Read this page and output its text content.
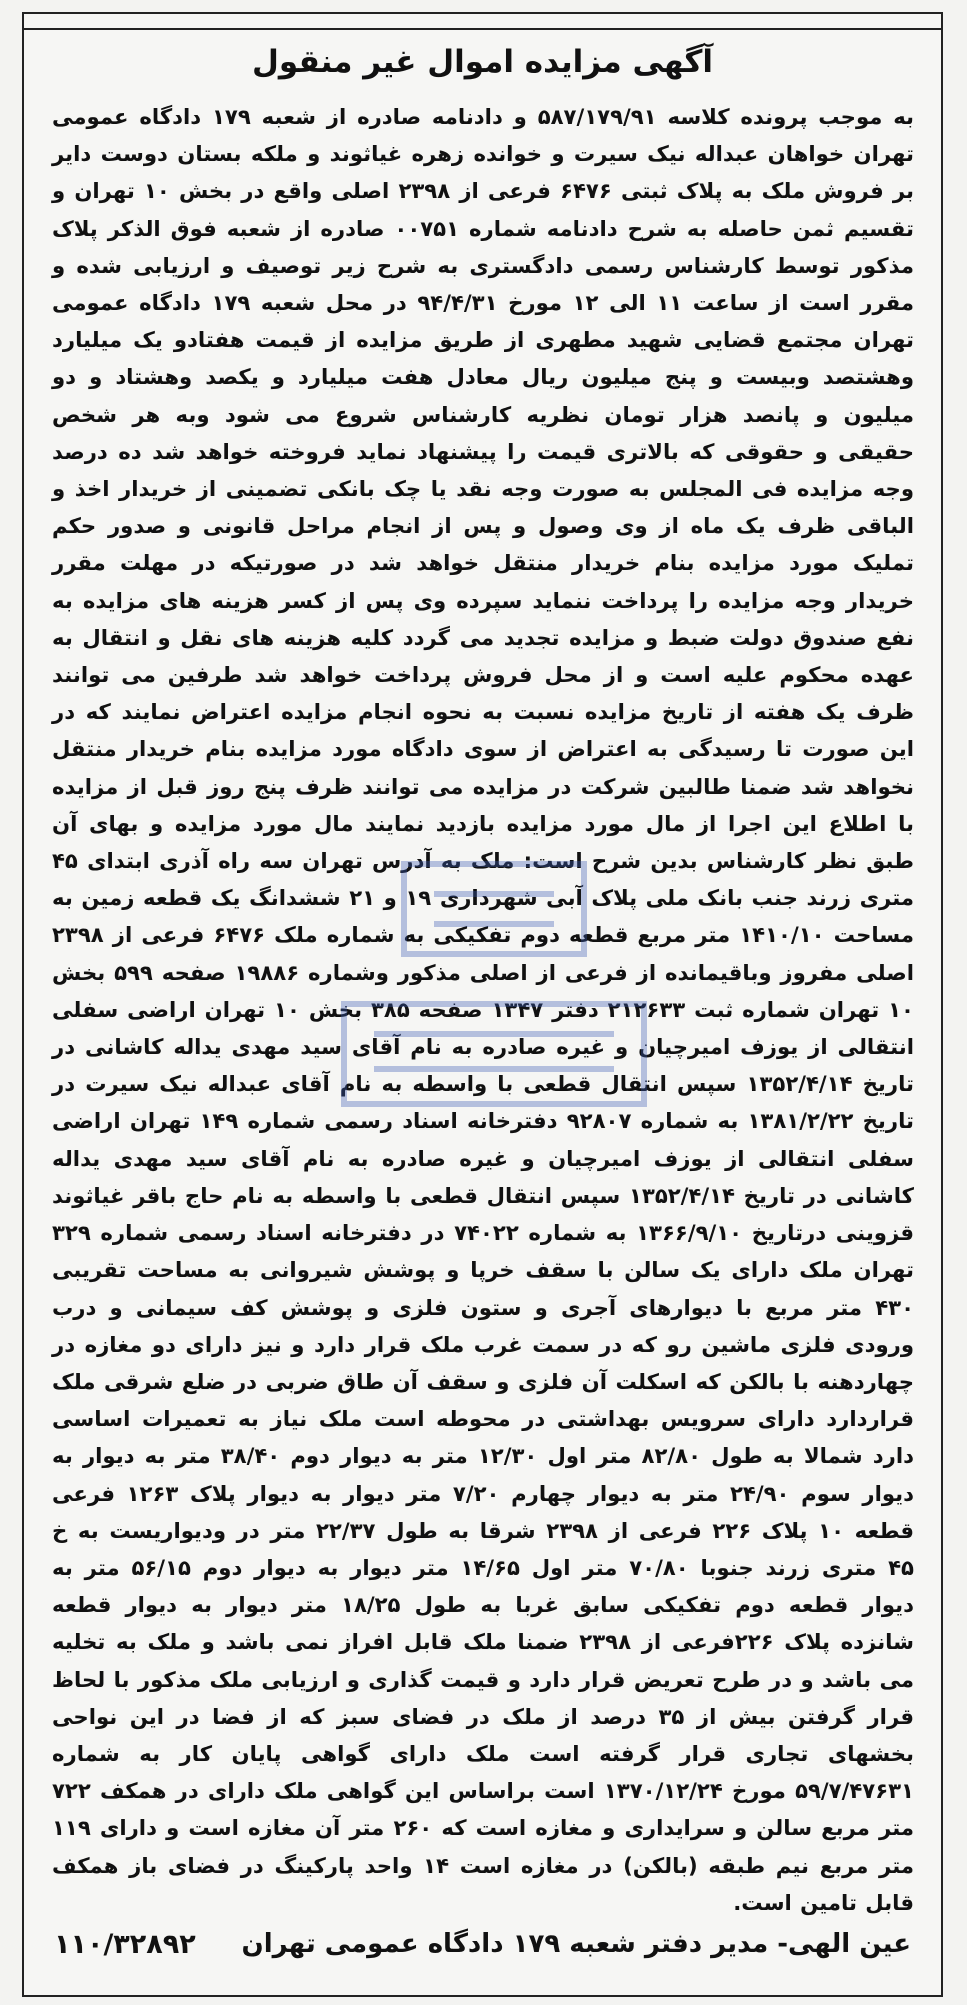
آگهی مزایده اموال غیر منقول
به موجب پرونده کلاسه ۵۸۷/۱۷۹/۹۱ و دادنامه صادره از شعبه ۱۷۹ دادگاه عمومی تهران خواهان عبداله نیک سیرت و خوانده زهره غیاثوند و ملکه بستان دوست دایر بر فروش ملک به پلاک ثبتی ۶۴۷۶ فرعی از ۲۳۹۸ اصلی واقع در بخش ۱۰ تهران و تقسیم ثمن حاصله به شرح دادنامه شماره ۰۰۷۵۱ صادره از شعبه فوق الذکر پلاک مذکور توسط کارشناس رسمی دادگستری به شرح زیر توصیف و ارزیابی شده و مقرر است از ساعت ۱۱ الی ۱۲ مورخ ۹۴/۴/۳۱ در محل شعبه ۱۷۹ دادگاه عمومی تهران مجتمع قضایی شهید مطهری از طریق مزایده از قیمت هفتادو یک میلیارد وهشتصد وبیست و پنج میلیون ریال معادل هفت میلیارد و یکصد وهشتاد و دو میلیون و پانصد هزار تومان نظریه کارشناس شروع می شود وبه هر شخص حقیقی و حقوقی که بالاتری قیمت را پیشنهاد نماید فروخته خواهد شد ده درصد وجه مزایده فی المجلس به صورت وجه نقد یا چک بانکی تضمینی از خریدار اخذ و الباقی ظرف یک ماه از وی وصول و پس از انجام مراحل قانونی و صدور حکم تملیک مورد مزایده بنام خریدار منتقل خواهد شد در صورتیکه در مهلت مقرر خریدار وجه مزایده را پرداخت ننماید سپرده وی پس از کسر هزینه های مزایده به نفع صندوق دولت ضبط و مزایده تجدید می گردد کلیه هزینه های نقل و انتقال به عهده محکوم علیه است و از محل فروش پرداخت خواهد شد طرفین می توانند ظرف یک هفته از تاریخ مزایده نسبت به نحوه انجام مزایده اعتراض نمایند که در این صورت تا رسیدگی به اعتراض از سوی دادگاه مورد مزایده بنام خریدار منتقل نخواهد شد ضمنا طالبین شرکت در مزایده می توانند ظرف پنج روز قبل از مزایده با اطلاع این اجرا از مال مورد مزایده بازدید نمایند مال مورد مزایده و بهای آن طبق نظر کارشناس بدین شرح است: ملک به آدرس تهران سه راه آذری ابتدای ۴۵ متری زرند جنب بانک ملی پلاک آبی شهرداری ۱۹ و ۲۱ ششدانگ یک قطعه زمین به مساحت ۱۴۱۰/۱۰ متر مربع قطعه دوم تفکیکی به شماره ملک ۶۴۷۶ فرعی از ۲۳۹۸ اصلی مفروز وباقیمانده از فرعی از اصلی مذکور وشماره ۱۹۸۸۶ صفحه ۵۹۹ بخش ۱۰ تهران شماره ثبت ۲۱۲۶۳۳ دفتر ۱۳۴۷ صفحه ۳۸۵ بخش ۱۰ تهران اراضی سفلی انتقالی از یوزف امیرچیان و غیره صادره به نام آقای سید مهدی یداله کاشانی در تاریخ ۱۳۵۲/۴/۱۴ سپس انتقال قطعی با واسطه به نام آقای عبداله نیک سیرت در تاریخ ۱۳۸۱/۲/۲۲ به شماره ۹۲۸۰۷ دفترخانه اسناد رسمی شماره ۱۴۹ تهران اراضی سفلی انتقالی از یوزف امیرچیان و غیره صادره به نام آقای سید مهدی یداله کاشانی در تاریخ ۱۳۵۲/۴/۱۴ سپس انتقال قطعی با واسطه به نام حاج باقر غیاثوند قزوینی درتاریخ ۱۳۶۶/۹/۱۰ به شماره ۷۴۰۲۲ در دفترخانه اسناد رسمی شماره ۳۲۹ تهران ملک دارای یک سالن با سقف خرپا و پوشش شیروانی به مساحت تقریبی ۴۳۰ متر مربع با دیوارهای آجری و ستون فلزی و پوشش کف سیمانی و درب ورودی فلزی ماشین رو که در سمت غرب ملک قرار دارد و نیز دارای دو مغازه در چهاردهنه با بالکن که اسکلت آن فلزی و سقف آن طاق ضربی در ضلع شرقی ملک قراردارد دارای سرویس بهداشتی در محوطه است ملک نیاز به تعمیرات اساسی دارد شمالا به طول ۸۲/۸۰ متر اول ۱۲/۳۰ متر به دیوار دوم ۳۸/۴۰ متر به دیوار به دیوار سوم ۲۴/۹۰ متر به دیوار چهارم ۷/۲۰ متر دیوار به دیوار پلاک ۱۲۶۳ فرعی قطعه ۱۰ پلاک ۲۲۶ فرعی از ۲۳۹۸ شرقا به طول ۲۲/۳۷ متر در ودیواریست به خ ۴۵ متری زرند جنوبا ۷۰/۸۰ متر اول ۱۴/۶۵ متر دیوار به دیوار دوم ۵۶/۱۵ متر به دیوار قطعه دوم تفکیکی سابق غربا به طول ۱۸/۲۵ متر دیوار به دیوار قطعه شانزده پلاک ۲۲۶فرعی از ۲۳۹۸ ضمنا ملک قابل افراز نمی باشد و ملک به تخلیه می باشد و در طرح تعریض قرار دارد و قیمت گذاری و ارزیابی ملک مذکور با لحاظ قرار گرفتن بیش از ۳۵ درصد از ملک در فضای سبز که از فضا در این نواحی بخشهای تجاری قرار گرفته است ملک دارای گواهی پایان کار به شماره ۵۹/۷/۴۷۶۳۱ مورخ ۱۳۷۰/۱۲/۲۴ است براساس این گواهی ملک دارای در همکف ۷۲۲ متر مربع سالن و سرایداری و مغازه است که ۲۶۰ متر آن مغازه است و دارای ۱۱۹ متر مربع نیم طبقه (بالکن) در مغازه است ۱۴ واحد پارکینگ در فضای باز همکف قابل تامین است.
عین الهی- مدیر دفتر شعبه ۱۷۹ دادگاه عمومی تهران
۱۱۰/۳۲۸۹۲
